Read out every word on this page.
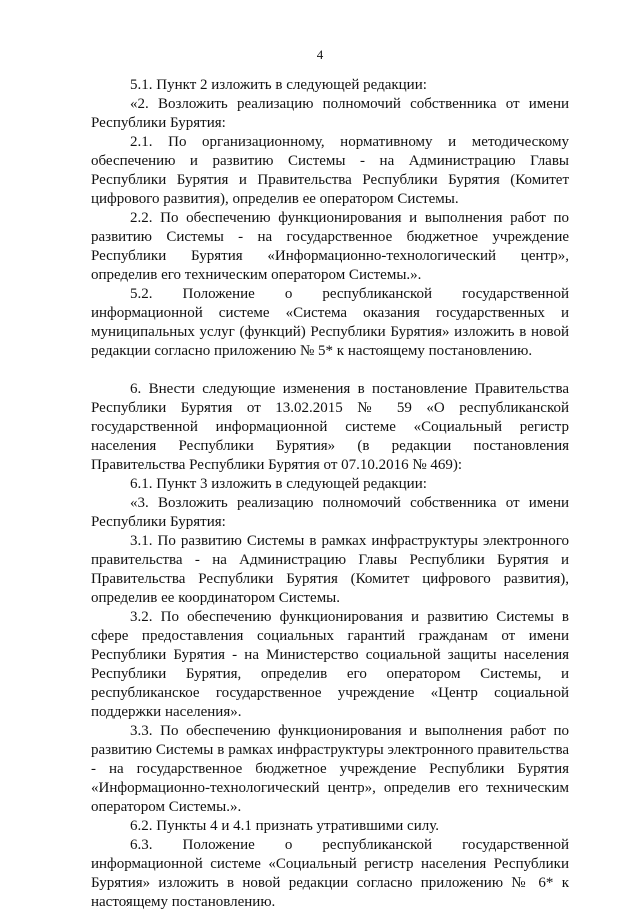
4

5.1. Пункт 2 изложить в следующей редакции:

«2. Возложить реализацию полномочий собственника от имени Республики Бурятия:

2.1. По организационному, нормативному и методическому обеспечению и развитию Системы - на Администрацию Главы Республики Бурятия и Правительства Республики Бурятия (Комитет цифрового развития), определив ее оператором Системы.

2.2. По обеспечению функционирования и выполнения работ по развитию Системы - на государственное бюджетное учреждение Республики Бурятия «Информационно-технологический центр», определив его техническим оператором Системы.».

5.2. Положение о республиканской государственной информационной системе «Система оказания государственных и муниципальных услуг (функций) Республики Бурятия» изложить в новой редакции согласно приложению № 5* к настоящему постановлению.

6. Внести следующие изменения в постановление Правительства Республики Бурятия от 13.02.2015 № 59 «О республиканской государственной информационной системе «Социальный регистр населения Республики Бурятия» (в редакции постановления Правительства Республики Бурятия от 07.10.2016 № 469):

6.1. Пункт 3 изложить в следующей редакции:

«3. Возложить реализацию полномочий собственника от имени Республики Бурятия:

3.1. По развитию Системы в рамках инфраструктуры электронного правительства - на Администрацию Главы Республики Бурятия и Правительства Республики Бурятия (Комитет цифрового развития), определив ее координатором Системы.

3.2. По обеспечению функционирования и развитию Системы в сфере предоставления социальных гарантий гражданам от имени Республики Бурятия - на Министерство социальной защиты населения Республики Бурятия, определив его оператором Системы, и республиканское государственное учреждение «Центр социальной поддержки населения».

3.3. По обеспечению функционирования и выполнения работ по развитию Системы в рамках инфраструктуры электронного правительства - на государственное бюджетное учреждение Республики Бурятия «Информационно-технологический центр», определив его техническим оператором Системы.».

6.2. Пункты 4 и 4.1 признать утратившими силу.

6.3. Положение о республиканской государственной информационной системе «Социальный регистр населения Республики Бурятия» изложить в новой редакции согласно приложению № 6* к настоящему постановлению.
